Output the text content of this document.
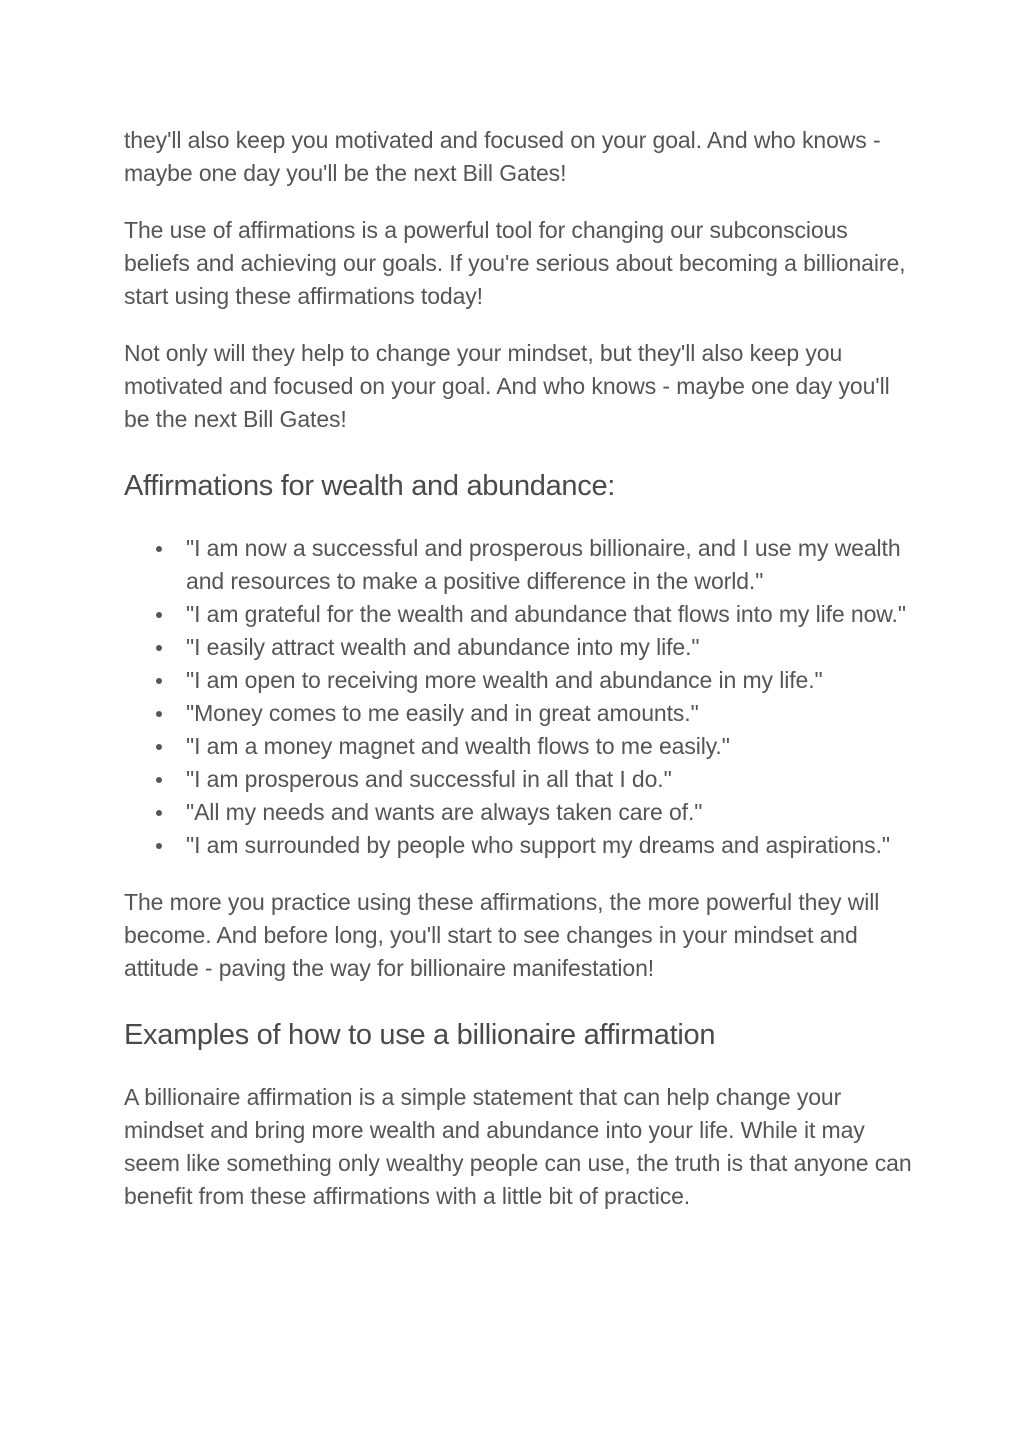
they'll also keep you motivated and focused on your goal. And who knows - maybe one day you'll be the next Bill Gates!

The use of affirmations is a powerful tool for changing our subconscious beliefs and achieving our goals. If you're serious about becoming a billionaire, start using these affirmations today!

Not only will they help to change your mindset, but they'll also keep you motivated and focused on your goal. And who knows - maybe one day you'll be the next Bill Gates!

Affirmations for wealth and abundance:
"I am now a successful and prosperous billionaire, and I use my wealth and resources to make a positive difference in the world."
"I am grateful for the wealth and abundance that flows into my life now."
"I easily attract wealth and abundance into my life."
"I am open to receiving more wealth and abundance in my life."
"Money comes to me easily and in great amounts."
"I am a money magnet and wealth flows to me easily."
"I am prosperous and successful in all that I do."
"All my needs and wants are always taken care of."
"I am surrounded by people who support my dreams and aspirations."

The more you practice using these affirmations, the more powerful they will become. And before long, you'll start to see changes in your mindset and attitude - paving the way for billionaire manifestation!

Examples of how to use a billionaire affirmation

A billionaire affirmation is a simple statement that can help change your mindset and bring more wealth and abundance into your life. While it may seem like something only wealthy people can use, the truth is that anyone can benefit from these affirmations with a little bit of practice.
